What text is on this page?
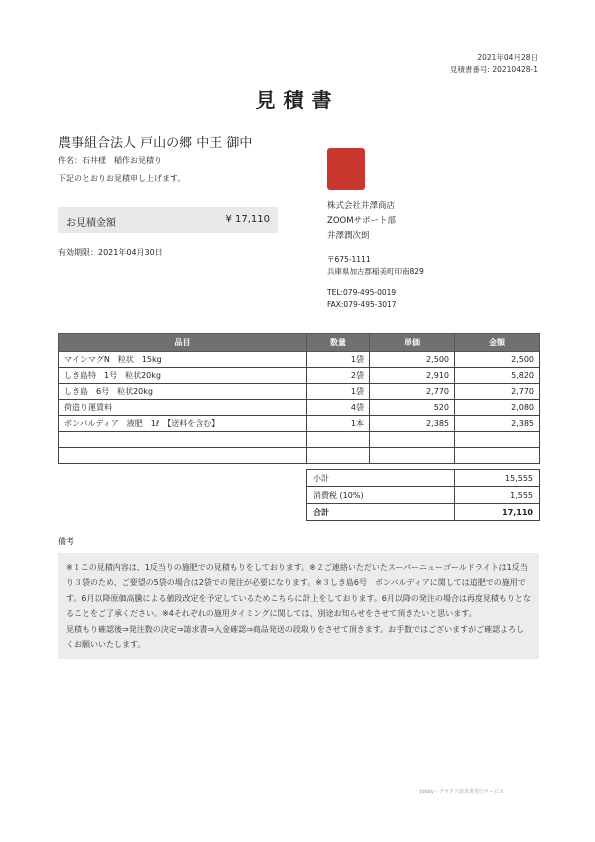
2021年04月28日
見積書番号: 20210428-1
見積書
農事組合法人 戸山の郷 中王 御中
件名：石井様　稲作お見積り
下記のとおりお見積申し上げます。
お見積金額	¥ 17,110
有効期限：2021年04月30日
株式会社井澤商店
ZOOMサポート部
井澤潤次朗
〒675-1111
兵庫県加古郡稲美町印南829
TEL:079-495-0019
FAX:079-495-3017
品目	数量	単価	金額
マインマグN　粒状　15kg	1袋	2,500	2,500
しき島特　1号　粒状20kg	2袋	2,910	5,820
しき島　6号　粒状20kg	1袋	2,770	2,770
荷造り運賃料	4袋	520	2,080
ボンバルディア　液肥　1ℓ　【送料を含む】	1本	2,385	2,385

小計	15,555
消費税 (10%)	1,555
合計	17,110
備考

※１この見積内容は、1反当りの施肥での見積もりをしております。※２ご連絡いただいたスーパーニューゴールドライトは1反当り３袋のため、ご要望の5袋の場合は2袋での発注が必要になります。※３しき島6号　ボンバルディアに関しては追肥での施用です。6月以降原価高騰による値段改定を予定しているためこちらに計上をしております。6月以降の発注の場合は再度見積もりとなることをご了承ください。※4それぞれの施用タイミングに関しては、別途お知らせをさせて頂きたいと思います。

見積もり確認後⇒発注数の決定⇒請求書⇒入金確認⇒商品発送の段取りをさせて頂きます。お手数ではございますがご確認よろしくお願いいたします。

Jobby - クラウド請求書発行サービス
